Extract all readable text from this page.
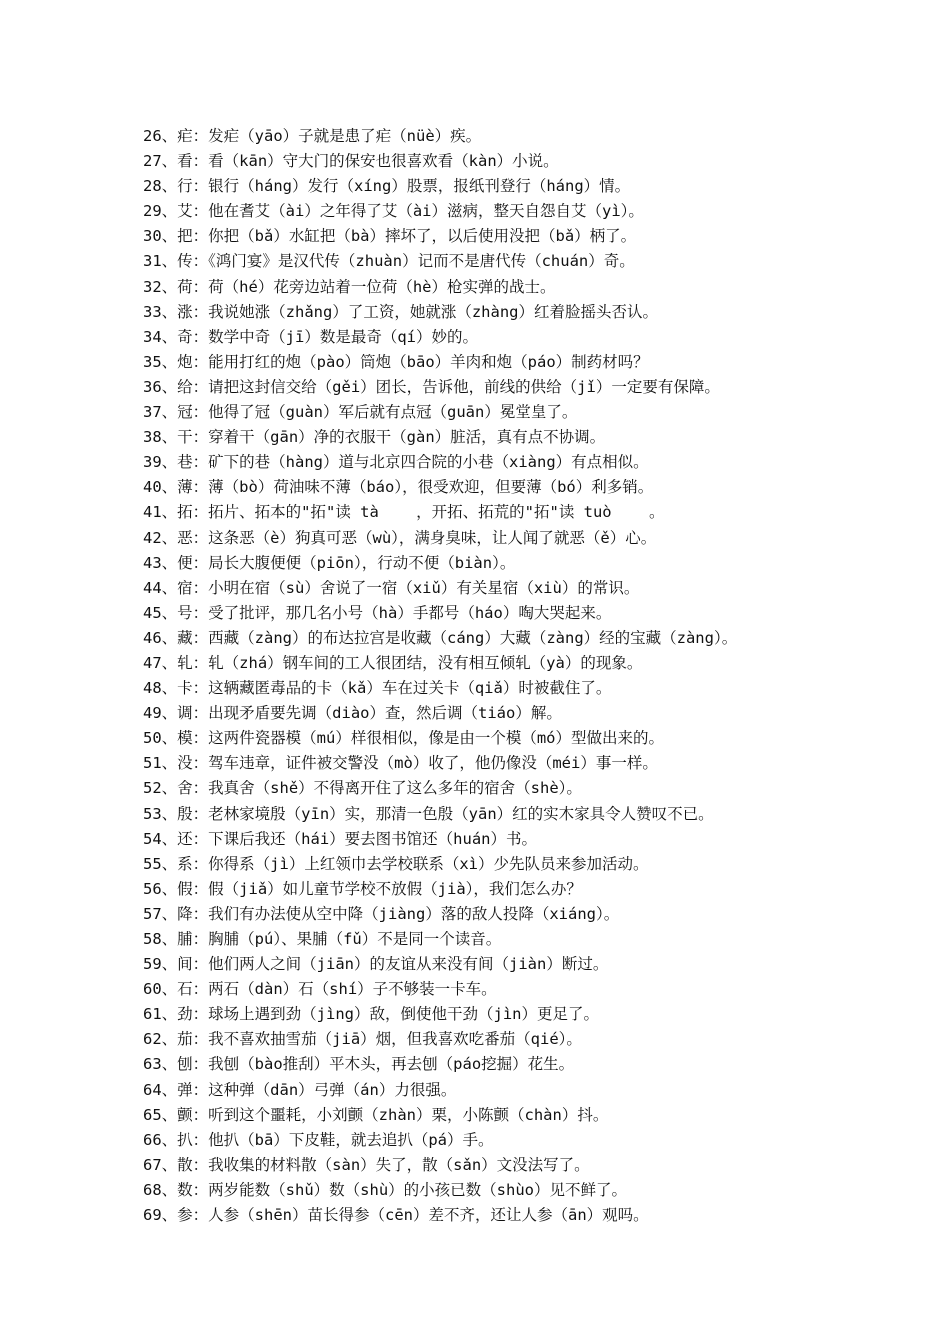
26、疟：发疟（yāo）子就是患了疟（nüè）疾。
27、看：看（kān）守大门的保安也很喜欢看（kàn）小说。
28、行：银行（háng）发行（xíng）股票，报纸刊登行（háng）情。
29、艾：他在耆艾（ài）之年得了艾（ài）滋病，整天自怨自艾（yì）。
30、把：你把（bǎ）水缸把（bà）摔坏了，以后使用没把（bǎ）柄了。
31、传：《鸿门宴》是汉代传（zhuàn）记而不是唐代传（chuán）奇。
32、荷：荷（hé）花旁边站着一位荷（hè）枪实弹的战士。
33、涨：我说她涨（zhǎng）了工资，她就涨（zhàng）红着脸摇头否认。
34、奇：数学中奇（jī）数是最奇（qí）妙的。
35、炮：能用打红的炮（pào）筒炮（bāo）羊肉和炮（páo）制药材吗？
36、给：请把这封信交给（gěi）团长，告诉他，前线的供给（jǐ）一定要有保障。
37、冠：他得了冠（guàn）军后就有点冠（guān）冕堂皇了。
38、干：穿着干（gān）净的衣服干（gàn）脏活，真有点不协调。
39、巷：矿下的巷（hàng）道与北京四合院的小巷（xiàng）有点相似。
40、薄：薄（bò）荷油味不薄（báo），很受欢迎，但要薄（bó）利多销。
41、拓：拓片、拓本的"拓"读 tà    ，开拓、拓荒的"拓"读 tuò    。
42、恶：这条恶（è）狗真可恶（wù），满身臭味，让人闻了就恶（ě）心。
43、便：局长大腹便便（piōn），行动不便（biàn）。
44、宿：小明在宿（sù）舍说了一宿（xiǔ）有关星宿（xiù）的常识。
45、号：受了批评，那几名小号（hà）手都号（háo）啕大哭起来。
46、藏：西藏（zàng）的布达拉宫是收藏（cáng）大藏（zàng）经的宝藏（zàng）。
47、轧：轧（zhá）钢车间的工人很团结，没有相互倾轧（yà）的现象。
48、卡：这辆藏匿毒品的卡（kǎ）车在过关卡（qiǎ）时被截住了。
49、调：出现矛盾要先调（diào）查，然后调（tiáo）解。
50、模：这两件瓷器模（mú）样很相似，像是由一个模（mó）型做出来的。
51、没：驾车违章，证件被交警没（mò）收了，他仍像没（méi）事一样。
52、舍：我真舍（shě）不得离开住了这么多年的宿舍（shè）。
53、殷：老林家境殷（yīn）实，那清一色殷（yān）红的实木家具令人赞叹不已。
54、还：下课后我还（hái）要去图书馆还（huán）书。
55、系：你得系（jì）上红领巾去学校联系（xì）少先队员来参加活动。
56、假：假（jiǎ）如儿童节学校不放假（jià），我们怎么办？
57、降：我们有办法使从空中降（jiàng）落的敌人投降（xiáng）。
58、脯：胸脯（pú）、果脯（fǔ）不是同一个读音。
59、间：他们两人之间（jiān）的友谊从来没有间（jiàn）断过。
60、石：两石（dàn）石（shí）子不够装一卡车。
61、劲：球场上遇到劲（jìng）敌，倒使他干劲（jìn）更足了。
62、茄：我不喜欢抽雪茄（jiā）烟，但我喜欢吃番茄（qié）。
63、刨：我刨（bào推刮）平木头，再去刨（páo挖掘）花生。
64、弹：这种弹（dān）弓弹（án）力很强。
65、颤：听到这个噩耗，小刘颤（zhàn）栗，小陈颤（chàn）抖。
66、扒：他扒（bā）下皮鞋，就去追扒（pá）手。
67、散：我收集的材料散（sàn）失了，散（sǎn）文没法写了。
68、数：两岁能数（shǔ）数（shù）的小孩已数（shùo）见不鲜了。
69、参：人参（shēn）苗长得参（cēn）差不齐，还让人参（ān）观吗。
